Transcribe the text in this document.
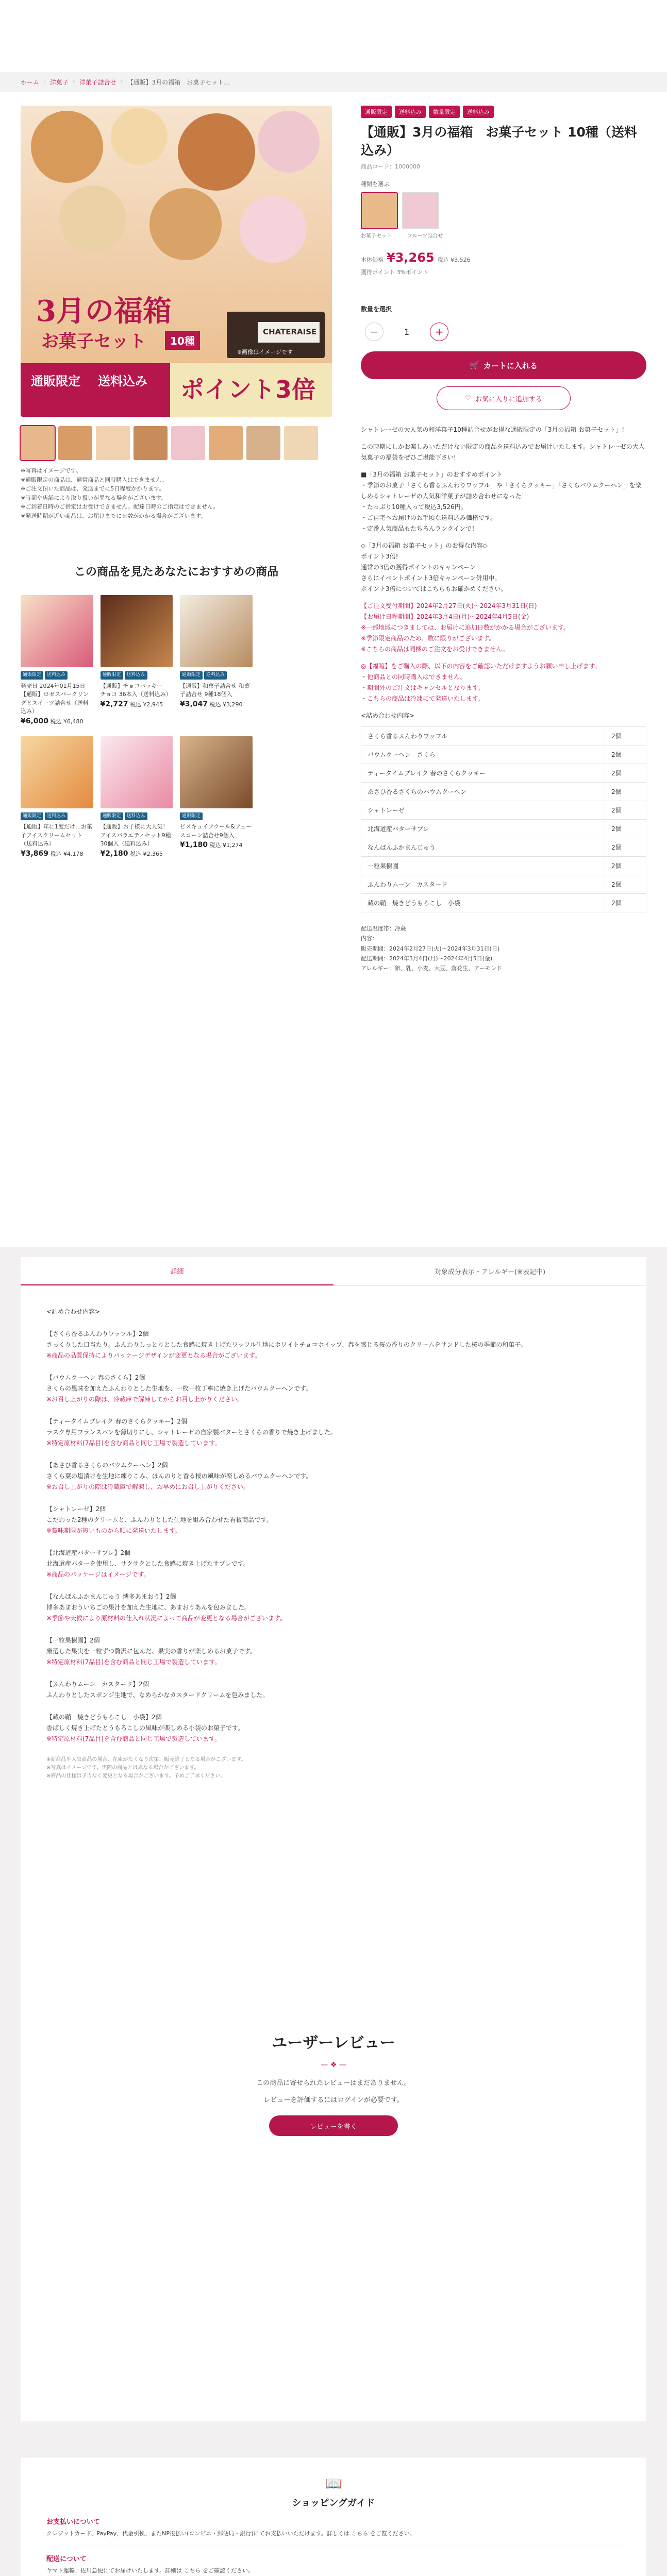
ホーム › 洋菓子 › 洋菓子詰合せ › 【通販】3月の福箱　お菓子セット…
3月の福箱
お菓子セット	10種
CHATERAISE
※画像はイメージです
通販限定	送料込み	ポイント3倍
※写真はイメージです。
※通販限定の商品は、通常商品と同時購入はできません。
※ご注文頂いた商品は、発送までに5日程度かかります。
※時期や店舗により取り扱いが異なる場合がございます。
※ご到着日時のご指定はお受けできません。配達日時のご指定はできません。
※発送時期が近い商品は、お届けまでに日数がかかる場合がございます。
この商品を見たあなたにおすすめの商品
通販限定	送料込み
発売日 2024年01月15日
【通販】ロゼスパークリングとスイーツ詰合せ（送料込み）
¥6,000 税込 ¥6,480
通販限定	送料込み
【通販】チョコバッキー　チョコ 36本入（送料込み）
¥2,727 税込 ¥2,945
通販限定	送料込み
【通販】和菓子詰合せ 和菓子詰合せ 9種18個入
¥3,047 税込 ¥3,290
通販限定	送料込み
【通販】年に1度だけ…お菓子アイスクリームセット（送料込み）
¥3,869 税込 ¥4,178
通販限定	送料込み
【通販】お子様に大人気！アイスバラエティセット9種30個入（送料込み）
¥2,180 税込 ¥2,365
通販限定
ビスキュイフクール&フェースコーン詰合せ9個入
¥1,180 税込 ¥1,274
通販限定	送料込み	数量限定	送料込み
【通販】3月の福箱　お菓子セット 10種（送料込み）
商品コード：1000000
種類を選ぶ
お菓子セット	フルーツ詰合せ
本体価格 ¥3,265 税込 ¥3,526
獲得ポイント 3%ポイント
数量を選択
−	1	+
🛒 カートに入れる
♡ お気に入りに追加する

シャトレーゼの大人気の和洋菓子10種詰合せがお得な通販限定の「3月の福箱 お菓子セット」!

この時期にしかお楽しみいただけない限定の商品を送料込みでお届けいたします。シャトレーゼの大人気菓子の福袋をぜひご堪能下さい!

■「3月の福箱 お菓子セット」のおすすめポイント
・季節のお菓子「さくら香るふんわりワッフル」や「さくらクッキー」「さくらバウムクーヘン」を楽しめるシャトレーゼの人気和洋菓子が詰め合わせになった！
・たっぷり10種入って税込3,526円。
・ご自宅へお届けのお手頃な送料込み価格です。

・定番人気商品もたちろんランクインで！

◇「3月の福箱 お菓子セット」のお得な内容◇
ポイント3倍!
通常の3倍の獲得ポイントのキャンペーン
さらにイベントポイント3倍キャンペーン併用中。

ポイント3倍についてはこちらもお確かめください。

【ご注文受付期間】2024年2月27日(火)～2024年3月31日(日)
【お届け日程期間】2024年3月4日(月)～2024年4月5日(金)
※一部地域につきましては、お届けに追加日数がかかる場合がございます。
※季節限定商品のため、数に限りがございます。

※こちらの商品は同梱のご注文をお受けできません。

◎【福箱】をご購入の際、以下の内容をご確認いただけますようお願い申し上げます。
・他商品との同時購入はできません。
・期間外のご注文はキャンセルとなります。

・こちらの商品は冷凍にて発送いたします。

<詰め合わせ内容>
さくら香るふんわりワッフル	2個
バウムクーヘン　さくら	2個
ティータイムブレイク 春のさくらクッキー	2個
あさひ香るさくらのバウムクーヘン	2個
シャトレーゼ	2個
北海道産バターサブレ	2個
なんばんふかまんじゅう	2個
一粒果樹園	2個
ふんわりムーン　カスタード	2個
蔵の鞘　焼きどうもろこし　小袋	2個
配送温度帯：冷蔵
内容：
販売期間：2024年2月27日(火)～2024年3月31日(日)
配送期間：2024年3月4日(月)～2024年4月5日(金)
アレルギー：卵、乳、小麦、大豆、落花生、アーモンド
詳細	対象成分表示・アレルギー(※表記中)
<詰め合わせ内容>
【さくら香るふんわりワッフル】2個
さっくりした口当たり。ふんわりしっとりとした食感に焼き上げたワッフル生地にホワイトチョコホイップ、春を感じる桜の香りのクリームをサンドした桜の季節の和菓子。
※商品の品質保持によりパッケージデザインが変更となる場合がございます。
【バウムクーヘン 春のさくら】2個
さくらの風味を加えたふんわりとした生地を、一枚一枚丁寧に焼き上げたバウムクーヘンです。
※お召し上がりの際は、冷蔵庫で解凍してからお召し上がりください。
【ティータイムブレイク 春のさくらクッキー】2個
ラスク専用フランスパンを薄切りにし、シャトレーゼの自家製バターとさくらの香りで焼き上げました。
※特定原材料(7品目)を含む商品と同じ工場で製造しています。
【あさひ香るさくらのバウムクーヘン】2個
さくら葉の塩漬けを生地に練りこみ、ほんのりと香る桜の風味が楽しめるバウムクーヘンです。
※お召し上がりの際は冷蔵庫で解凍し、お早めにお召し上がりください。
【シャトレーゼ】2個
こだわった2種のクリームと、ふんわりとした生地を組み合わせた看板商品です。
※賞味期限が短いものから順に発送いたします。
【北海道産バターサブレ】2個
北海道産バターを使用し、サクサクとした食感に焼き上げたサブレです。
※商品のパッケージはイメージです。
【なんばんふかまんじゅう 博多あまおう】2個
博多あまおういちごの果汁を加えた生地に、あまおうあんを包みました。
※季節や天候により原材料の仕入れ状況によって商品が変更となる場合がございます。
【一粒果樹園】2個
厳選した果実を一粒ずつ贅沢に包んだ、果実の香りが楽しめるお菓子です。
※特定原材料(7品目)を含む商品と同じ工場で製造しています。
【ふんわりムーン　カスタード】2個
ふんわりとしたスポンジ生地で、なめらかなカスタードクリームを包みました。
【蔵の鞘　焼きどうもろこし　小袋】2個
香ばしく焼き上げたとうもろこしの風味が楽しめる小袋のお菓子です。
※特定原材料(7品目)を含む商品と同じ工場で製造しています。
※新商品や人気商品の場合、在庫がなくなり次第、販売終了となる場合がございます。
※写真はイメージです。実際の商品とは異なる場合がございます。
※商品の仕様は予告なく変更となる場合がございます。予めご了承ください。
ユーザーレビュー
— ❖ —

この商品に寄せられたレビューはまだありません。

レビューを評価するにはログインが必要です。

レビューを書く
📖
ショッピングガイド
お支払いについて

クレジットカード、PayPay、代金引換、またNP後払い(コンビニ・郵便局・銀行)にてお支払いいただけます。詳しくは こちら をご覧ください。

配送について

ヤマト運輸、佐川急便にてお届けいたします。詳細は こちら をご確認ください。
